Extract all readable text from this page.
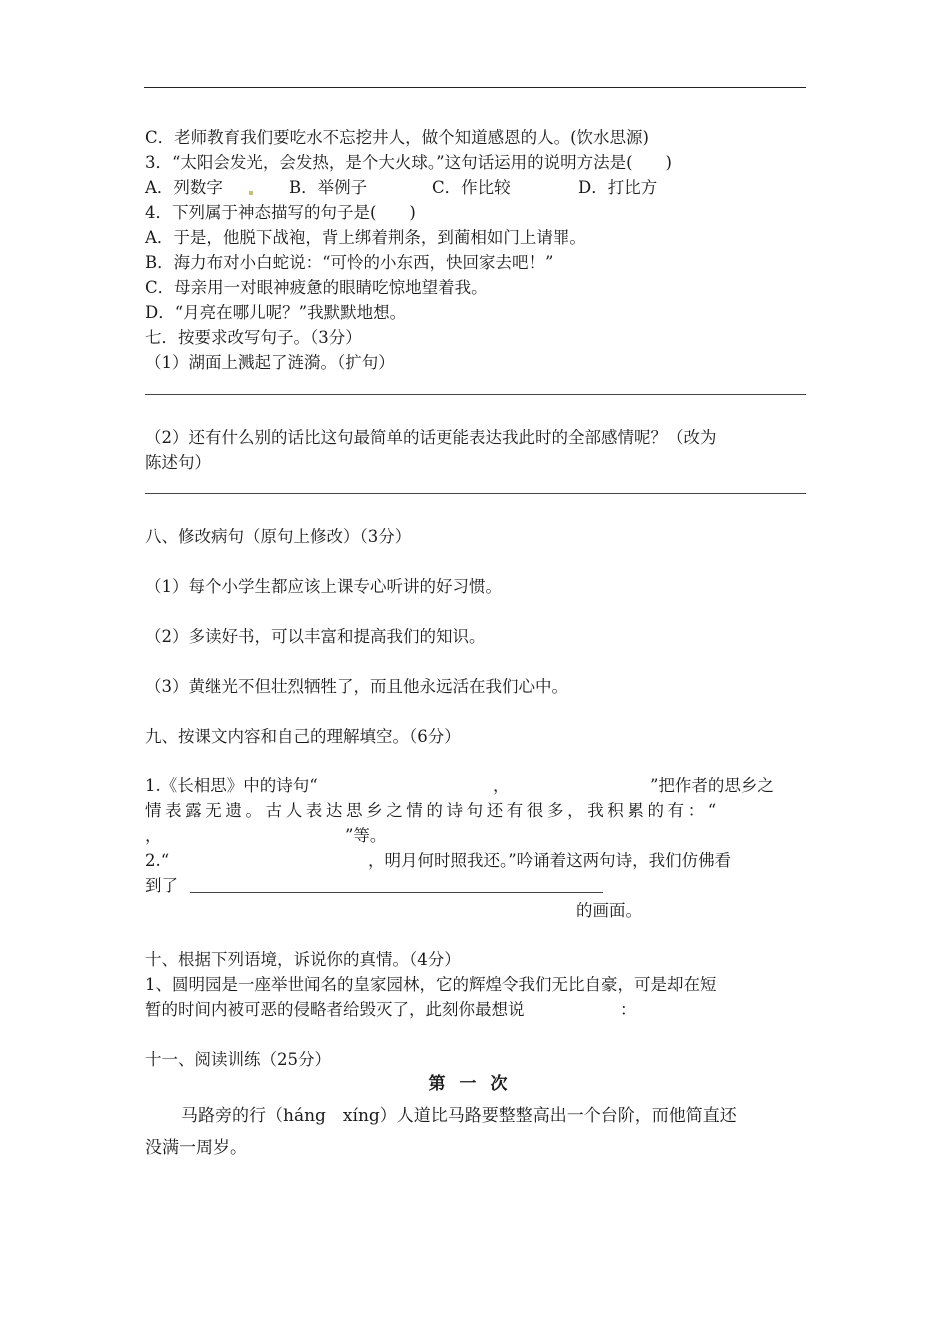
C．老师教育我们要吃水不忘挖井人，做个知道感恩的人。(饮水思源)
3．“太阳会发光，会发热，是个大火球。”这句话运用的说明方法是(　　)
A．列数字	B．举例子	C．作比较	D．打比方
4．下列属于神态描写的句子是(　　)
A．于是，他脱下战袍，背上绑着荆条，到蔺相如门上请罪。
B．海力布对小白蛇说：“可怜的小东西，快回家去吧！”
C．母亲用一对眼神疲惫的眼睛吃惊地望着我。
D．“月亮在哪儿呢？”我默默地想。
七．按要求改写句子。（3分）
（1）湖面上溅起了涟漪。（扩句）
（2）还有什么别的话比这句最简单的话更能表达我此时的全部感情呢？（改为
陈述句）
八、修改病句（原句上修改）（3分）
（1）每个小学生都应该上课专心听讲的好习惯。
（2）多读好书，可以丰富和提高我们的知识。
（3）黄继光不但壮烈牺牲了，而且他永远活在我们心中。
九、按课文内容和自己的理解填空。（6分）
1.《长相思》中的诗句“	，	”把作者的思乡之
情表露无遗。古人表达思乡之情的诗句还有很多，我积累的有：“
，	”等。
2.“	，明月何时照我还。”吟诵着这两句诗，我们仿佛看
到了
的画面。
十、根据下列语境，诉说你的真情。（4分）
1、圆明园是一座举世闻名的皇家园林，它的辉煌令我们无比自豪，可是却在短
暂的时间内被可恶的侵略者给毁灭了，此刻你最想说	：
十一、阅读训练（25分）
第一次
马路旁的行（háng　xíng）人道比马路要整整高出一个台阶，而他简直还
没满一周岁。
